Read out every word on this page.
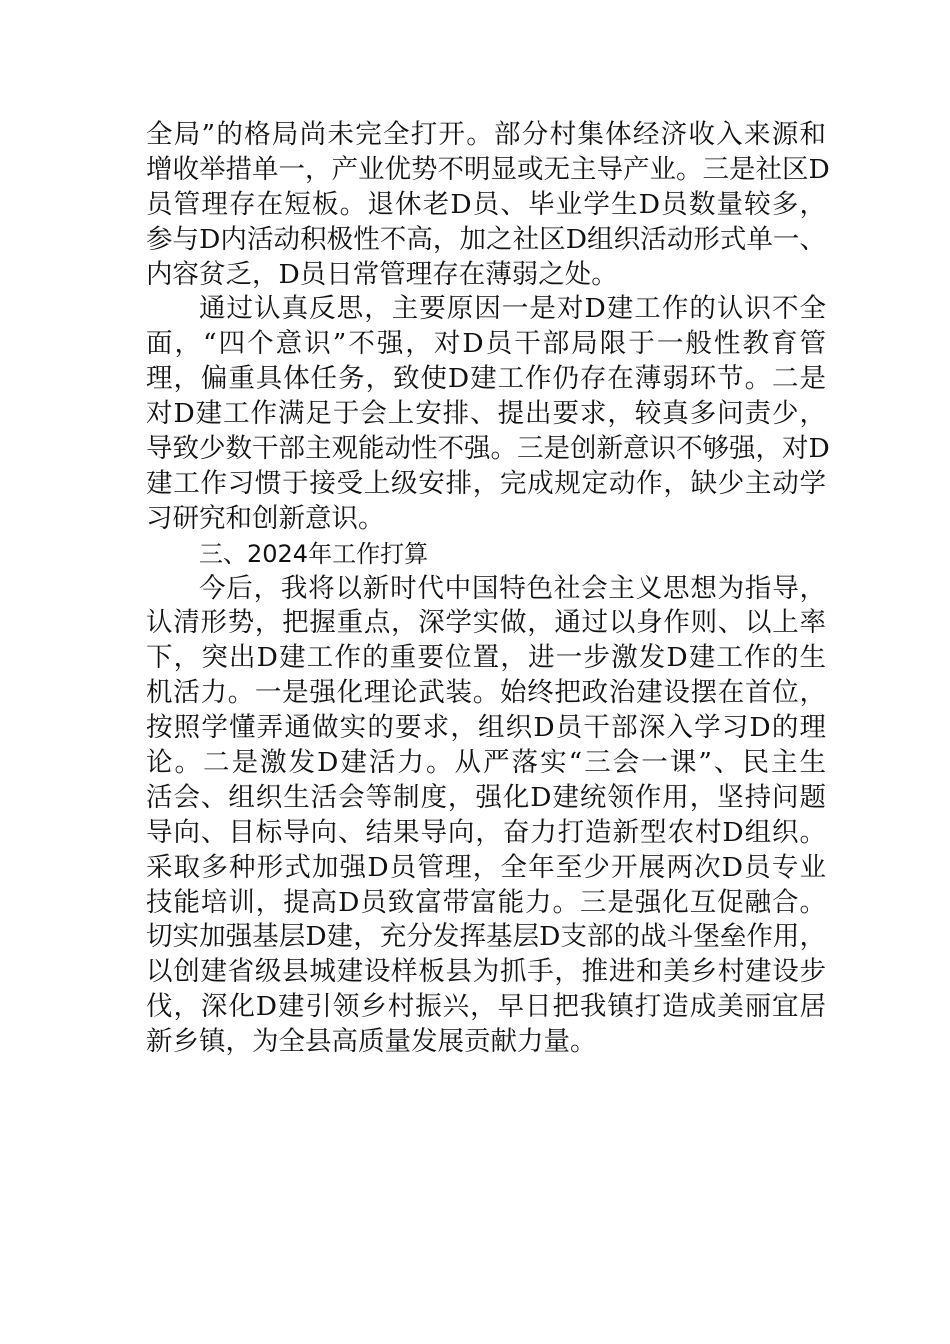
全局”的格局尚未完全打开。部分村集体经济收入来源和
增收举措单一，产业优势不明显或无主导产业。三是社区D
员管理存在短板。退休老D员、毕业学生D员数量较多，
参与D内活动积极性不高，加之社区D组织活动形式单一、
内容贫乏，D员日常管理存在薄弱之处。
通过认真反思，主要原因一是对D建工作的认识不全
面，“四个意识”不强，对D员干部局限于一般性教育管
理，偏重具体任务，致使D建工作仍存在薄弱环节。二是
对D建工作满足于会上安排、提出要求，较真多问责少，
导致少数干部主观能动性不强。三是创新意识不够强，对D
建工作习惯于接受上级安排，完成规定动作，缺少主动学
习研究和创新意识。
三、2024年工作打算
今后，我将以新时代中国特色社会主义思想为指导，
认清形势，把握重点，深学实做，通过以身作则、以上率
下，突出D建工作的重要位置，进一步激发D建工作的生
机活力。一是强化理论武装。始终把政治建设摆在首位，
按照学懂弄通做实的要求，组织D员干部深入学习D的理
论。二是激发D建活力。从严落实“三会一课”、民主生
活会、组织生活会等制度，强化D建统领作用，坚持问题
导向、目标导向、结果导向，奋力打造新型农村D组织。
采取多种形式加强D员管理，全年至少开展两次D员专业
技能培训，提高D员致富带富能力。三是强化互促融合。
切实加强基层D建，充分发挥基层D支部的战斗堡垒作用，
以创建省级县城建设样板县为抓手，推进和美乡村建设步
伐，深化D建引领乡村振兴，早日把我镇打造成美丽宜居
新乡镇，为全县高质量发展贡献力量。
